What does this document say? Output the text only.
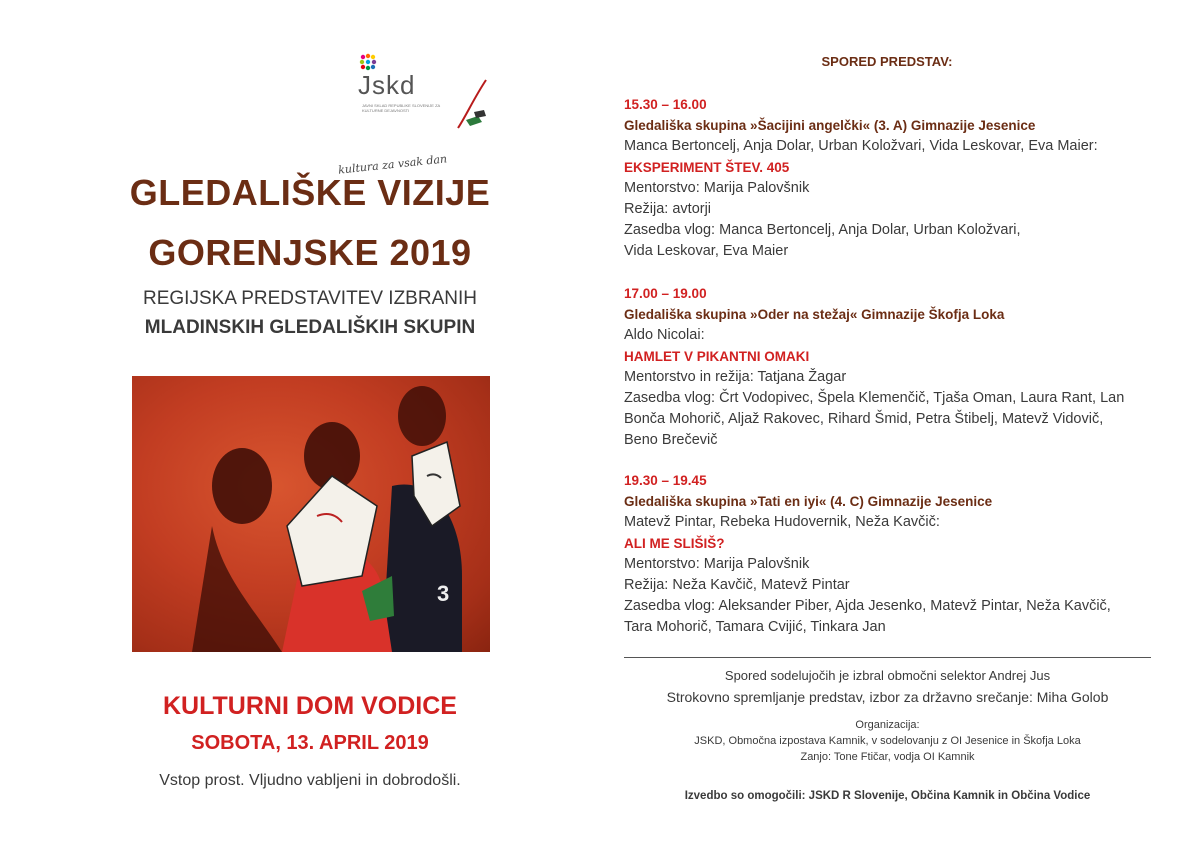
Jskd
JAVNI SKLAD REPUBLIKE SLOVENIJE ZA KULTURNE DEJAVNOSTI
kultura za vsak dan
GLEDALIŠKE VIZIJE
GORENJSKE 2019
REGIJSKA PREDSTAVITEV IZBRANIH
MLADINSKIH GLEDALIŠKIH SKUPIN
3
KULTURNI DOM VODICE
SOBOTA, 13. APRIL 2019
Vstop prost. Vljudno vabljeni in dobrodošli.
SPORED PREDSTAV:
15.30 – 16.00
Gledališka skupina »Šacijini angelčki« (3. A) Gimnazije Jesenice
Manca Bertoncelj, Anja Dolar, Urban Koložvari, Vida Leskovar, Eva Maier:
EKSPERIMENT ŠTEV. 405
Mentorstvo: Marija Palovšnik
Režija: avtorji
Zasedba vlog: Manca Bertoncelj, Anja Dolar, Urban Koložvari,
Vida Leskovar, Eva Maier
17.00 – 19.00
Gledališka skupina »Oder na stežaj« Gimnazije Škofja Loka
Aldo Nicolai:
HAMLET V PIKANTNI OMAKI
Mentorstvo in režija: Tatjana Žagar
Zasedba vlog: Črt Vodopivec, Špela Klemenčič, Tjaša Oman, Laura Rant, Lan
Bonča Mohorič, Aljaž Rakovec, Rihard Šmid, Petra Štibelj, Matevž Vidovič,
Beno Brečevič
19.30 – 19.45
Gledališka skupina »Tati en iyi« (4. C) Gimnazije Jesenice
Matevž Pintar, Rebeka Hudovernik, Neža Kavčič:
ALI ME SLIŠIŠ?
Mentorstvo: Marija Palovšnik
Režija: Neža Kavčič, Matevž Pintar
Zasedba vlog: Aleksander Piber, Ajda Jesenko, Matevž Pintar, Neža Kavčič,
Tara Mohorič, Tamara Cvijić, Tinkara Jan
Spored sodelujočih je izbral območni selektor Andrej Jus
Strokovno spremljanje predstav, izbor za državno srečanje: Miha Golob
Organizacija:
JSKD, Območna izpostava Kamnik, v sodelovanju z OI Jesenice in Škofja Loka
Zanjo: Tone Ftičar, vodja OI Kamnik
Izvedbo so omogočili: JSKD R Slovenije, Občina Kamnik in Občina Vodice
